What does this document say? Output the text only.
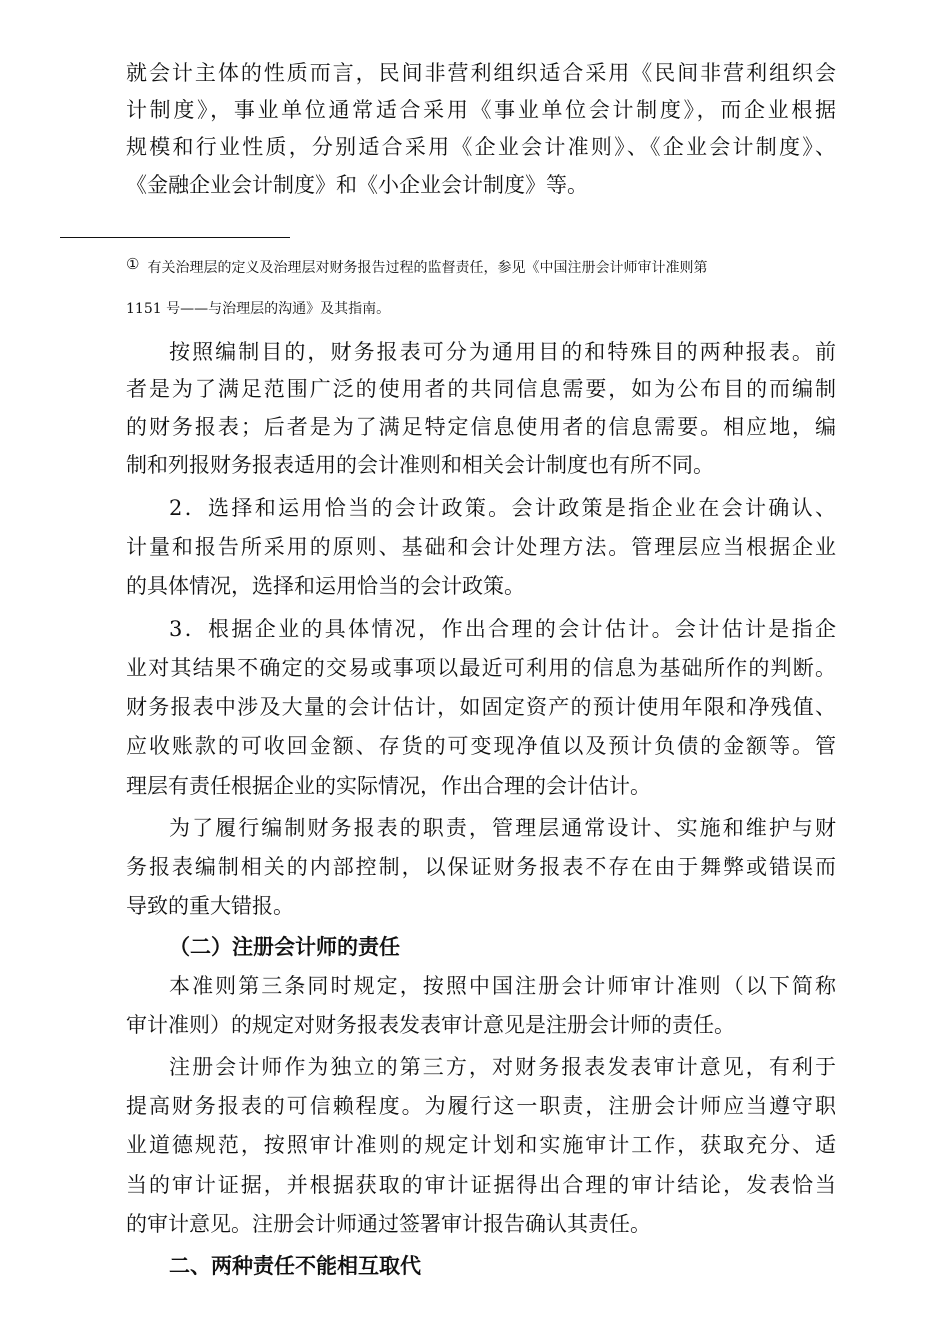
就会计主体的性质而言，民间非营利组织适合采用《民间非营利组织会
计制度》，事业单位通常适合采用《事业单位会计制度》，而企业根据
规模和行业性质，分别适合采用《企业会计准则》、《企业会计制度》、
《金融企业会计制度》和《小企业会计制度》等。
① 有关治理层的定义及治理层对财务报告过程的监督责任，参见《中国注册会计师审计准则第
1151 号——与治理层的沟通》及其指南。
按照编制目的，财务报表可分为通用目的和特殊目的两种报表。前
者是为了满足范围广泛的使用者的共同信息需要，如为公布目的而编制
的财务报表；后者是为了满足特定信息使用者的信息需要。相应地，编
制和列报财务报表适用的会计准则和相关会计制度也有所不同。
2．选择和运用恰当的会计政策。会计政策是指企业在会计确认、
计量和报告所采用的原则、基础和会计处理方法。管理层应当根据企业
的具体情况，选择和运用恰当的会计政策。
3．根据企业的具体情况，作出合理的会计估计。会计估计是指企
业对其结果不确定的交易或事项以最近可利用的信息为基础所作的判断。
财务报表中涉及大量的会计估计，如固定资产的预计使用年限和净残值、
应收账款的可收回金额、存货的可变现净值以及预计负债的金额等。管
理层有责任根据企业的实际情况，作出合理的会计估计。
为了履行编制财务报表的职责，管理层通常设计、实施和维护与财
务报表编制相关的内部控制，以保证财务报表不存在由于舞弊或错误而
导致的重大错报。
（二）注册会计师的责任
本准则第三条同时规定，按照中国注册会计师审计准则（以下简称
审计准则）的规定对财务报表发表审计意见是注册会计师的责任。
注册会计师作为独立的第三方，对财务报表发表审计意见，有利于
提高财务报表的可信赖程度。为履行这一职责，注册会计师应当遵守职
业道德规范，按照审计准则的规定计划和实施审计工作，获取充分、适
当的审计证据，并根据获取的审计证据得出合理的审计结论，发表恰当
的审计意见。注册会计师通过签署审计报告确认其责任。
二、两种责任不能相互取代
